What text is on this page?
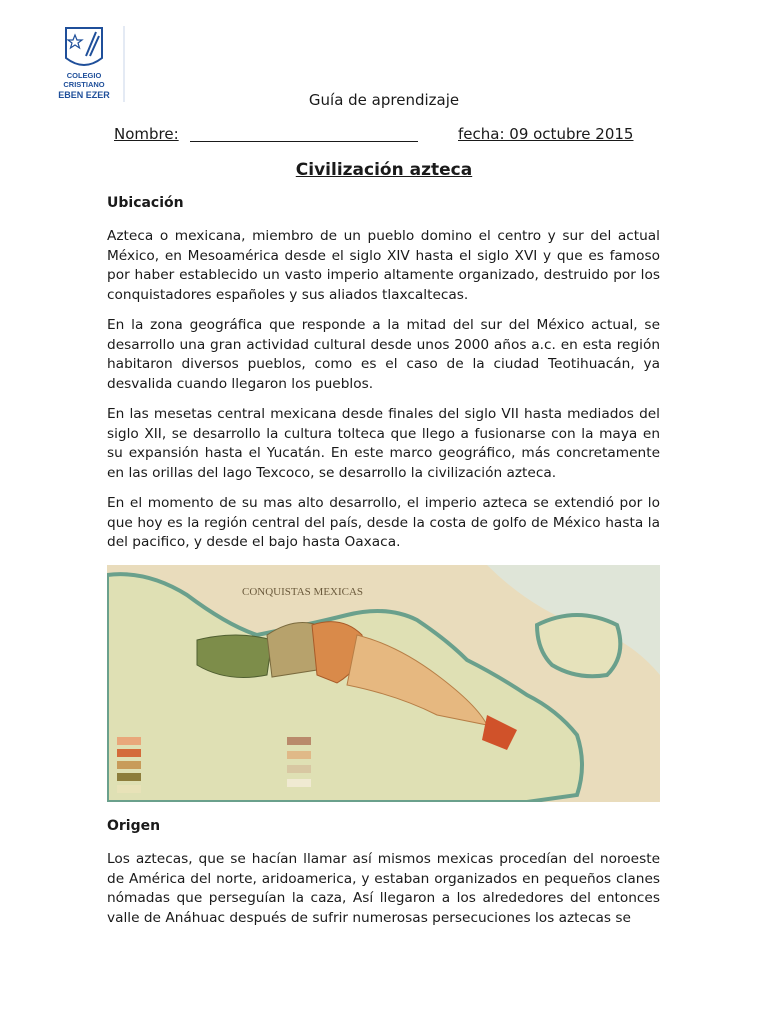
COLEGIO
CRISTIANO
EBEN EZER	Guía de aprendizaje
Nombre:	fecha: 09 octubre 2015
Civilización azteca
Ubicación

Azteca o mexicana, miembro de un pueblo domino el centro y sur del actual México, en Mesoamérica desde el siglo XIV hasta el siglo XVI y que es famoso por haber establecido un vasto imperio altamente organizado, destruido por los conquistadores españoles y sus aliados tlaxcaltecas.

En la zona geográfica que responde a la mitad del sur del México actual, se desarrollo una gran actividad cultural desde unos 2000 años a.c. en esta región habitaron diversos pueblos, como es el caso de la ciudad Teotihuacán, ya desvalida cuando llegaron los pueblos.

En las mesetas central mexicana desde finales del siglo VII hasta mediados del siglo XII, se desarrollo la cultura tolteca que llego a fusionarse con la maya en su expansión hasta el Yucatán. En este marco geográfico, más concretamente en las orillas del lago Texcoco, se desarrollo la civilización azteca.

En el momento de su mas alto desarrollo, el imperio azteca se extendió por lo que hoy es la región central del país, desde la costa de golfo de México hasta la del pacifico, y desde el bajo hasta Oaxaca.

CONQUISTAS MEXICAS
Origen

Los aztecas, que se hacían llamar así mismos mexicas procedían del noroeste de América del norte, aridoamerica, y estaban organizados en pequeños clanes nómadas que perseguían la caza, Así llegaron a los alrededores del entonces valle de Anáhuac después de sufrir numerosas persecuciones los aztecas se
